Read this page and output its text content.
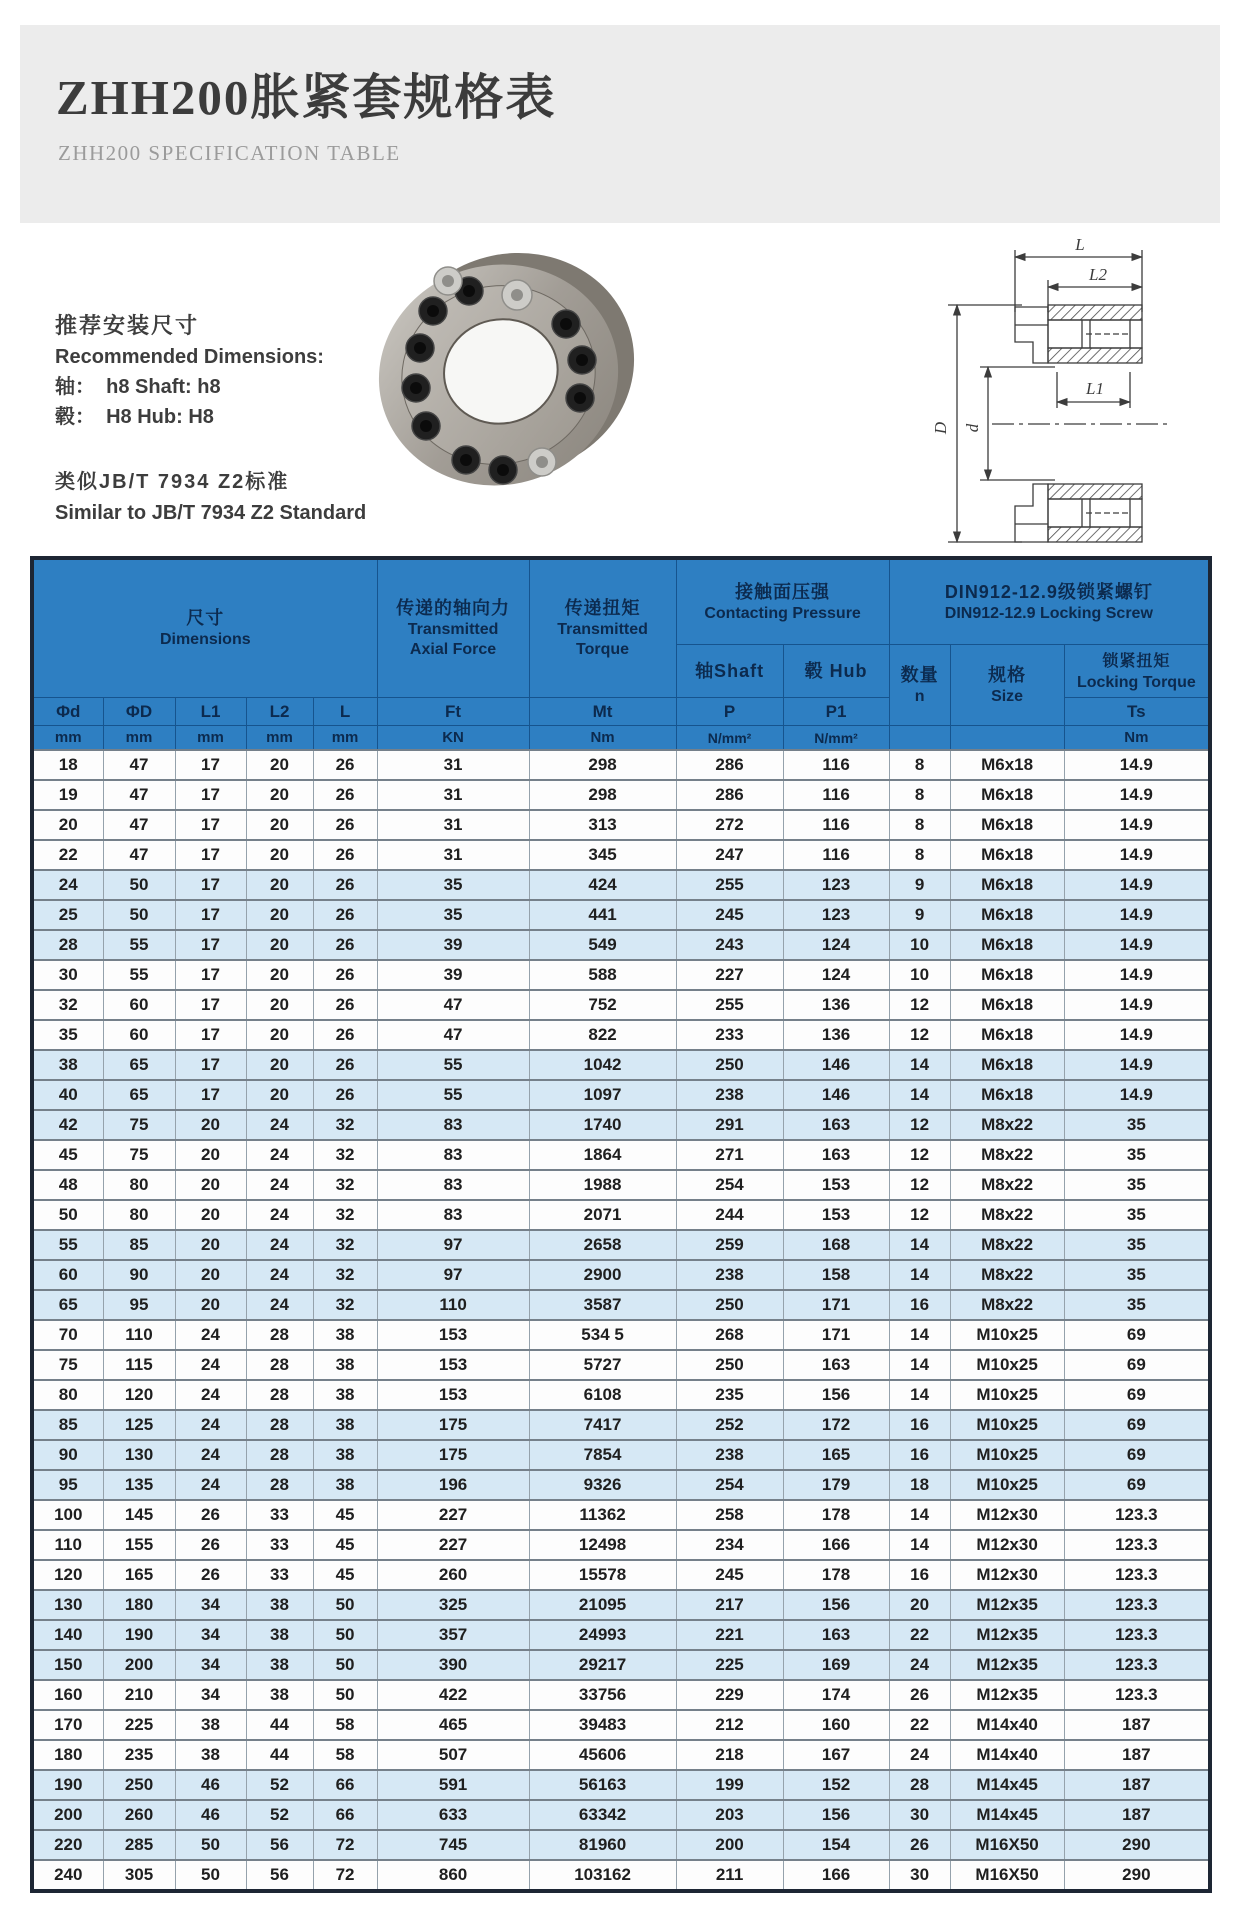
ZHH200胀紧套规格表
ZHH200 SPECIFICATION TABLE

推荐安装尺寸

Recommended Dimensions:

轴：  h8 Shaft: h8

毂：  H8 Hub: H8

类似JB/T 7934 Z2标准

Similar to JB/T 7934 Z2 Standard

L
L2
L1
D d
尺寸
Dimensions

传递的轴向力
Transmitted
Axial Force

传递扭矩
Transmitted
Torque

接触面压强
Contacting Pressure

DIN912-12.9级锁紧螺钉
DIN912-12.9 Locking Screw

轴Shaft	毂 Hub	数量
n

规格
Size

锁紧扭矩
Locking Torque

Φd	ΦD	L1	L2	L	Ft	Mt	P	P1			Ts
mm	mm	mm	mm	mm	KN	Nm	N/mm²	N/mm²			Nm
18	47	17	20	26	31	298	286	116	8	M6x18	14.9
19	47	17	20	26	31	298	286	116	8	M6x18	14.9
20	47	17	20	26	31	313	272	116	8	M6x18	14.9
22	47	17	20	26	31	345	247	116	8	M6x18	14.9
24	50	17	20	26	35	424	255	123	9	M6x18	14.9
25	50	17	20	26	35	441	245	123	9	M6x18	14.9
28	55	17	20	26	39	549	243	124	10	M6x18	14.9
30	55	17	20	26	39	588	227	124	10	M6x18	14.9
32	60	17	20	26	47	752	255	136	12	M6x18	14.9
35	60	17	20	26	47	822	233	136	12	M6x18	14.9
38	65	17	20	26	55	1042	250	146	14	M6x18	14.9
40	65	17	20	26	55	1097	238	146	14	M6x18	14.9
42	75	20	24	32	83	1740	291	163	12	M8x22	35
45	75	20	24	32	83	1864	271	163	12	M8x22	35
48	80	20	24	32	83	1988	254	153	12	M8x22	35
50	80	20	24	32	83	2071	244	153	12	M8x22	35
55	85	20	24	32	97	2658	259	168	14	M8x22	35
60	90	20	24	32	97	2900	238	158	14	M8x22	35
65	95	20	24	32	110	3587	250	171	16	M8x22	35
70	110	24	28	38	153	534 5	268	171	14	M10x25	69
75	115	24	28	38	153	5727	250	163	14	M10x25	69
80	120	24	28	38	153	6108	235	156	14	M10x25	69
85	125	24	28	38	175	7417	252	172	16	M10x25	69
90	130	24	28	38	175	7854	238	165	16	M10x25	69
95	135	24	28	38	196	9326	254	179	18	M10x25	69
100	145	26	33	45	227	11362	258	178	14	M12x30	123.3
110	155	26	33	45	227	12498	234	166	14	M12x30	123.3
120	165	26	33	45	260	15578	245	178	16	M12x30	123.3
130	180	34	38	50	325	21095	217	156	20	M12x35	123.3
140	190	34	38	50	357	24993	221	163	22	M12x35	123.3
150	200	34	38	50	390	29217	225	169	24	M12x35	123.3
160	210	34	38	50	422	33756	229	174	26	M12x35	123.3
170	225	38	44	58	465	39483	212	160	22	M14x40	187
180	235	38	44	58	507	45606	218	167	24	M14x40	187
190	250	46	52	66	591	56163	199	152	28	M14x45	187
200	260	46	52	66	633	63342	203	156	30	M14x45	187
220	285	50	56	72	745	81960	200	154	26	M16X50	290
240	305	50	56	72	860	103162	211	166	30	M16X50	290
